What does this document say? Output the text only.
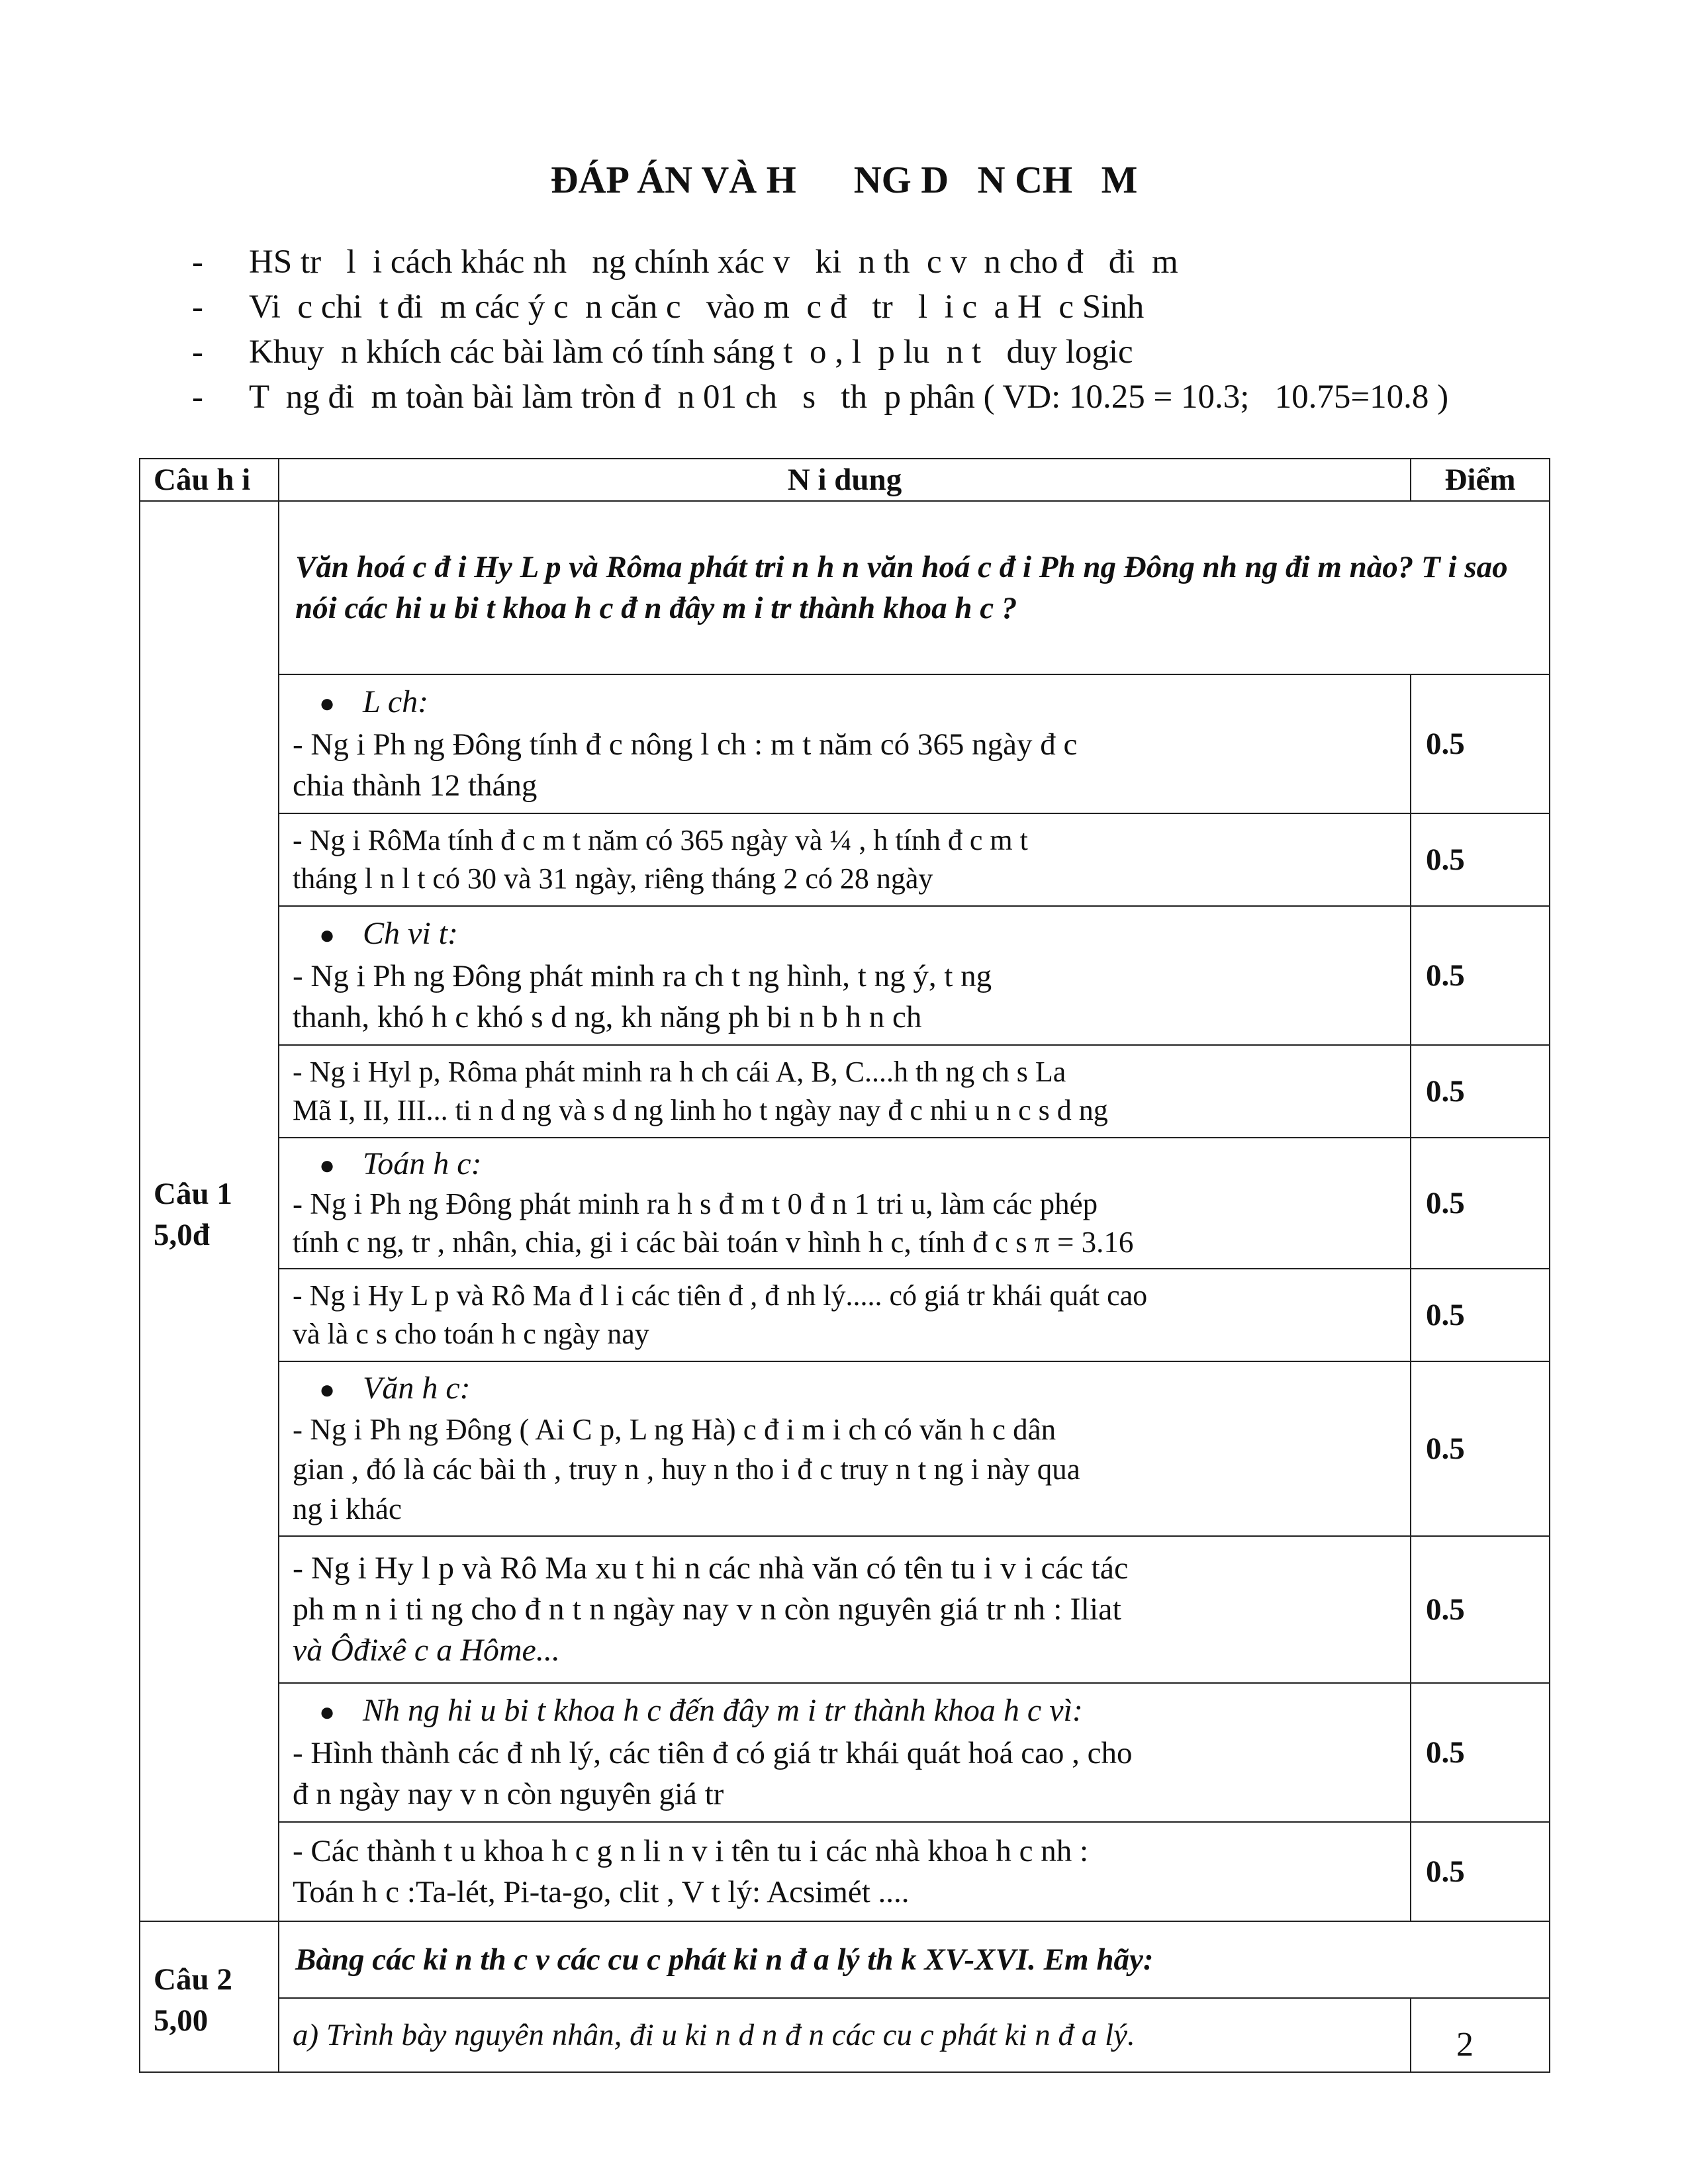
ĐÁP ÁN VÀ H      NG D   N CH   M
- HS tr   l  i cách khác nh   ng chính xác v   ki  n th  c v  n cho đ   đi  m
- Vi  c chi  t đi  m các ý c  n căn c   vào m  c đ   tr   l  i c  a H  c Sinh
- Khuy  n khích các bài làm có tính sáng t  o , l  p lu  n t   duy logic
- T  ng đi  m toàn bài làm tròn đ  n 01 ch   s   th  p phân ( VD: 10.25 = 10.3;   10.75=10.8 )
Câu h i	N i dung	Điểm

Câu 1
5,0đ	Văn hoá c đ i Hy L p và Rôma phát tri n h n văn hoá c đ i Ph ng Đông nh ng đi m nào? T i sao nói các hi u bi t khoa h c đ n đây m i tr thành khoa h c ?	

	● L ch:
- Ng i Ph ng Đông tính đ c nông l ch : m t năm có 365 ngày đ c
chia thành 12 tháng	0.5

	- Ng i RôMa tính đ c m t năm có 365 ngày và ¼ , h tính đ c m t
tháng l n l t có 30 và 31 ngày, riêng tháng 2 có 28 ngày	0.5

	● Ch vi t:
- Ng i Ph ng Đông phát minh ra ch t ng hình, t ng ý, t ng
thanh, khó h c khó s d ng, kh năng ph bi n b h n ch	0.5

	- Ng i Hyl p, Rôma phát minh ra h ch cái A, B, C....h th ng ch s La
Mã I, II, III... ti n d ng và s d ng linh ho t ngày nay đ c nhi u n c s d ng	0.5

	● Toán h c:
- Ng i Ph ng Đông phát minh ra h s đ m t 0 đ n 1 tri u, làm các phép
tính c ng, tr , nhân, chia, gi i các bài toán v hình h c, tính đ c s π = 3.16	0.5

	- Ng i Hy L p và Rô Ma đ l i các tiên đ , đ nh lý..... có giá tr khái quát cao
và là c s cho toán h c ngày nay	0.5

	● Văn h c:
- Ng i Ph ng Đông ( Ai C p, L ng Hà) c đ i m i ch có văn h c dân
gian , đó là các bài th , truy n , huy n tho i đ c truy n t ng i này qua
ng i khác	0.5

	- Ng i Hy l p và Rô Ma xu t hi n các nhà văn có tên tu i v i các tác
ph m n i ti ng cho đ n t n ngày nay v n còn nguyên giá tr nh : Iliat
và Ôđixê c a Hôme...	0.5

	● Nh ng hi u bi t khoa h c đến đây m i tr thành khoa h c vì:
- Hình thành các đ nh lý, các tiên đ có giá tr khái quát hoá cao , cho
đ n ngày nay v n còn nguyên giá tr	0.5

	- Các thành t u khoa h c g n li n v i tên tu i các nhà khoa h c nh :
Toán h c :Ta-lét, Pi-ta-go, clit , V t lý: Acsimét ....	0.5

Câu 2
5,00	Bàng các ki n th c v các cu c phát ki n đ a lý th k XV-XVI. Em hãy:	
	a) Trình bày nguyên nhân, đi u ki n d n đ n các cu c phát ki n đ a lý.		2
